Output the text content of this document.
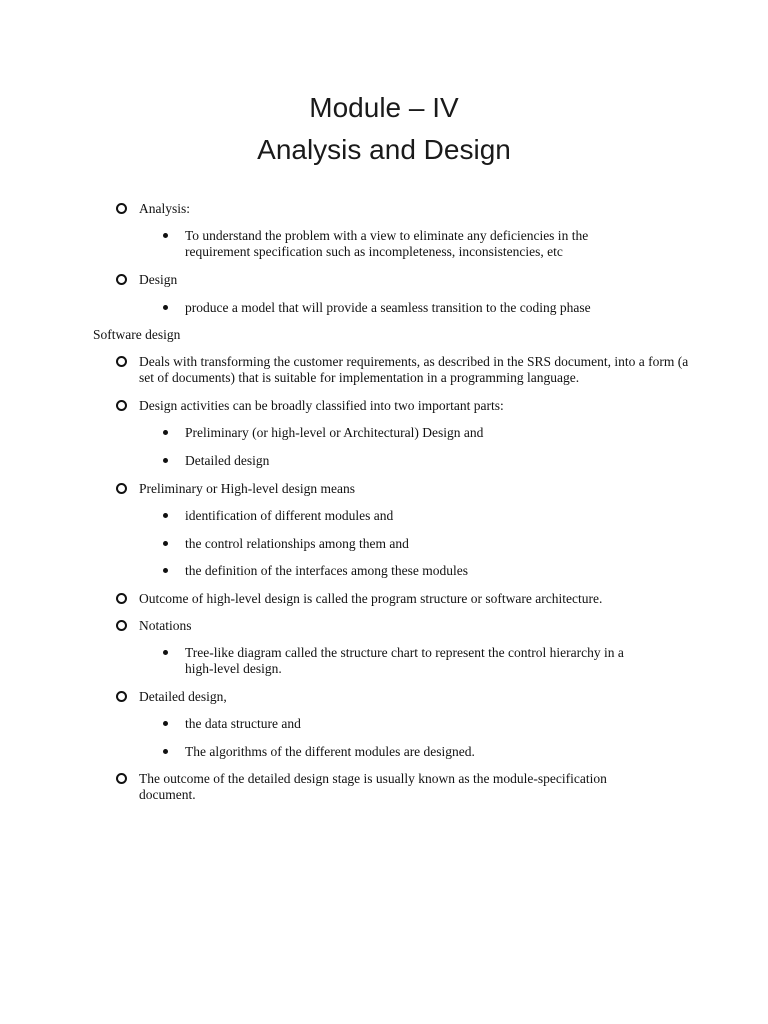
Module – IV
Analysis and Design
Analysis:
To understand the problem with a view to eliminate any deficiencies in the requirement specification such as incompleteness, inconsistencies, etc
Design
produce a model that will provide a seamless transition to the coding phase
Software design
Deals with transforming the customer requirements, as described in the SRS document, into a form (a set of documents) that is suitable for implementation in a programming language.
Design activities can be broadly classified into two important parts:
Preliminary (or high-level or Architectural) Design and
Detailed design
Preliminary or High-level design means
identification of different modules and
the control relationships among them and
the definition of the interfaces among these modules
Outcome of high-level design is called the program structure or software architecture.
Notations
Tree-like diagram called the structure chart to represent the control hierarchy in a high-level design.
Detailed design,
the data structure and
The algorithms of the different modules are designed.
The outcome of the detailed design stage is usually known as the module-specification document.
